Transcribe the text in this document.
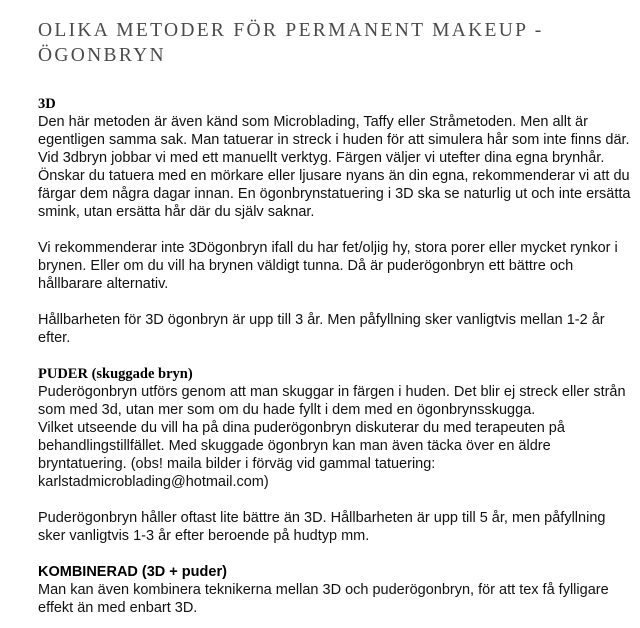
OLIKA METODER FÖR PERMANENT MAKEUP - ÖGONBRYN
3D

Den här metoden är även känd som Microblading, Taffy eller Stråmetoden. Men allt är egentligen samma sak. Man tatuerar in streck i huden för att simulera hår som inte finns där. Vid 3dbryn jobbar vi med ett manuellt verktyg. Färgen väljer vi utefter dina egna brynhår. Önskar du tatuera med en mörkare eller ljusare nyans än din egna, rekommenderar vi att du färgar dem några dagar innan. En ögonbrynstatuering i 3D ska se naturlig ut och inte ersätta smink, utan ersätta hår där du själv saknar.

Vi rekommenderar inte 3Dögonbryn ifall du har fet/oljig hy, stora porer eller mycket rynkor i brynen. Eller om du vill ha brynen väldigt tunna. Då är puderögonbryn ett bättre och hållbarare alternativ.

Hållbarheten för 3D ögonbryn är upp till 3 år. Men påfyllning sker vanligtvis mellan 1-2 år efter.

PUDER (skuggade bryn)

Puderögonbryn utförs genom att man skuggar in färgen i huden. Det blir ej streck eller strån som med 3d, utan mer som om du hade fyllt i dem med en ögonbrynsskugga.

Vilket utseende du vill ha på dina puderögonbryn diskuterar du med terapeuten på behandlingstillfället. Med skuggade ögonbryn kan man även täcka över en äldre bryntatuering. (obs! maila bilder i förväg vid gammal tatuering: karlstadmicroblading@hotmail.com)

Puderögonbryn håller oftast lite bättre än 3D. Hållbarheten är upp till 5 år, men påfyllning sker vanligtvis 1-3 år efter beroende på hudtyp mm.

KOMBINERAD (3D + puder)

Man kan även kombinera teknikerna mellan 3D och puderögonbryn, för att tex få fylligare effekt än med enbart 3D.
